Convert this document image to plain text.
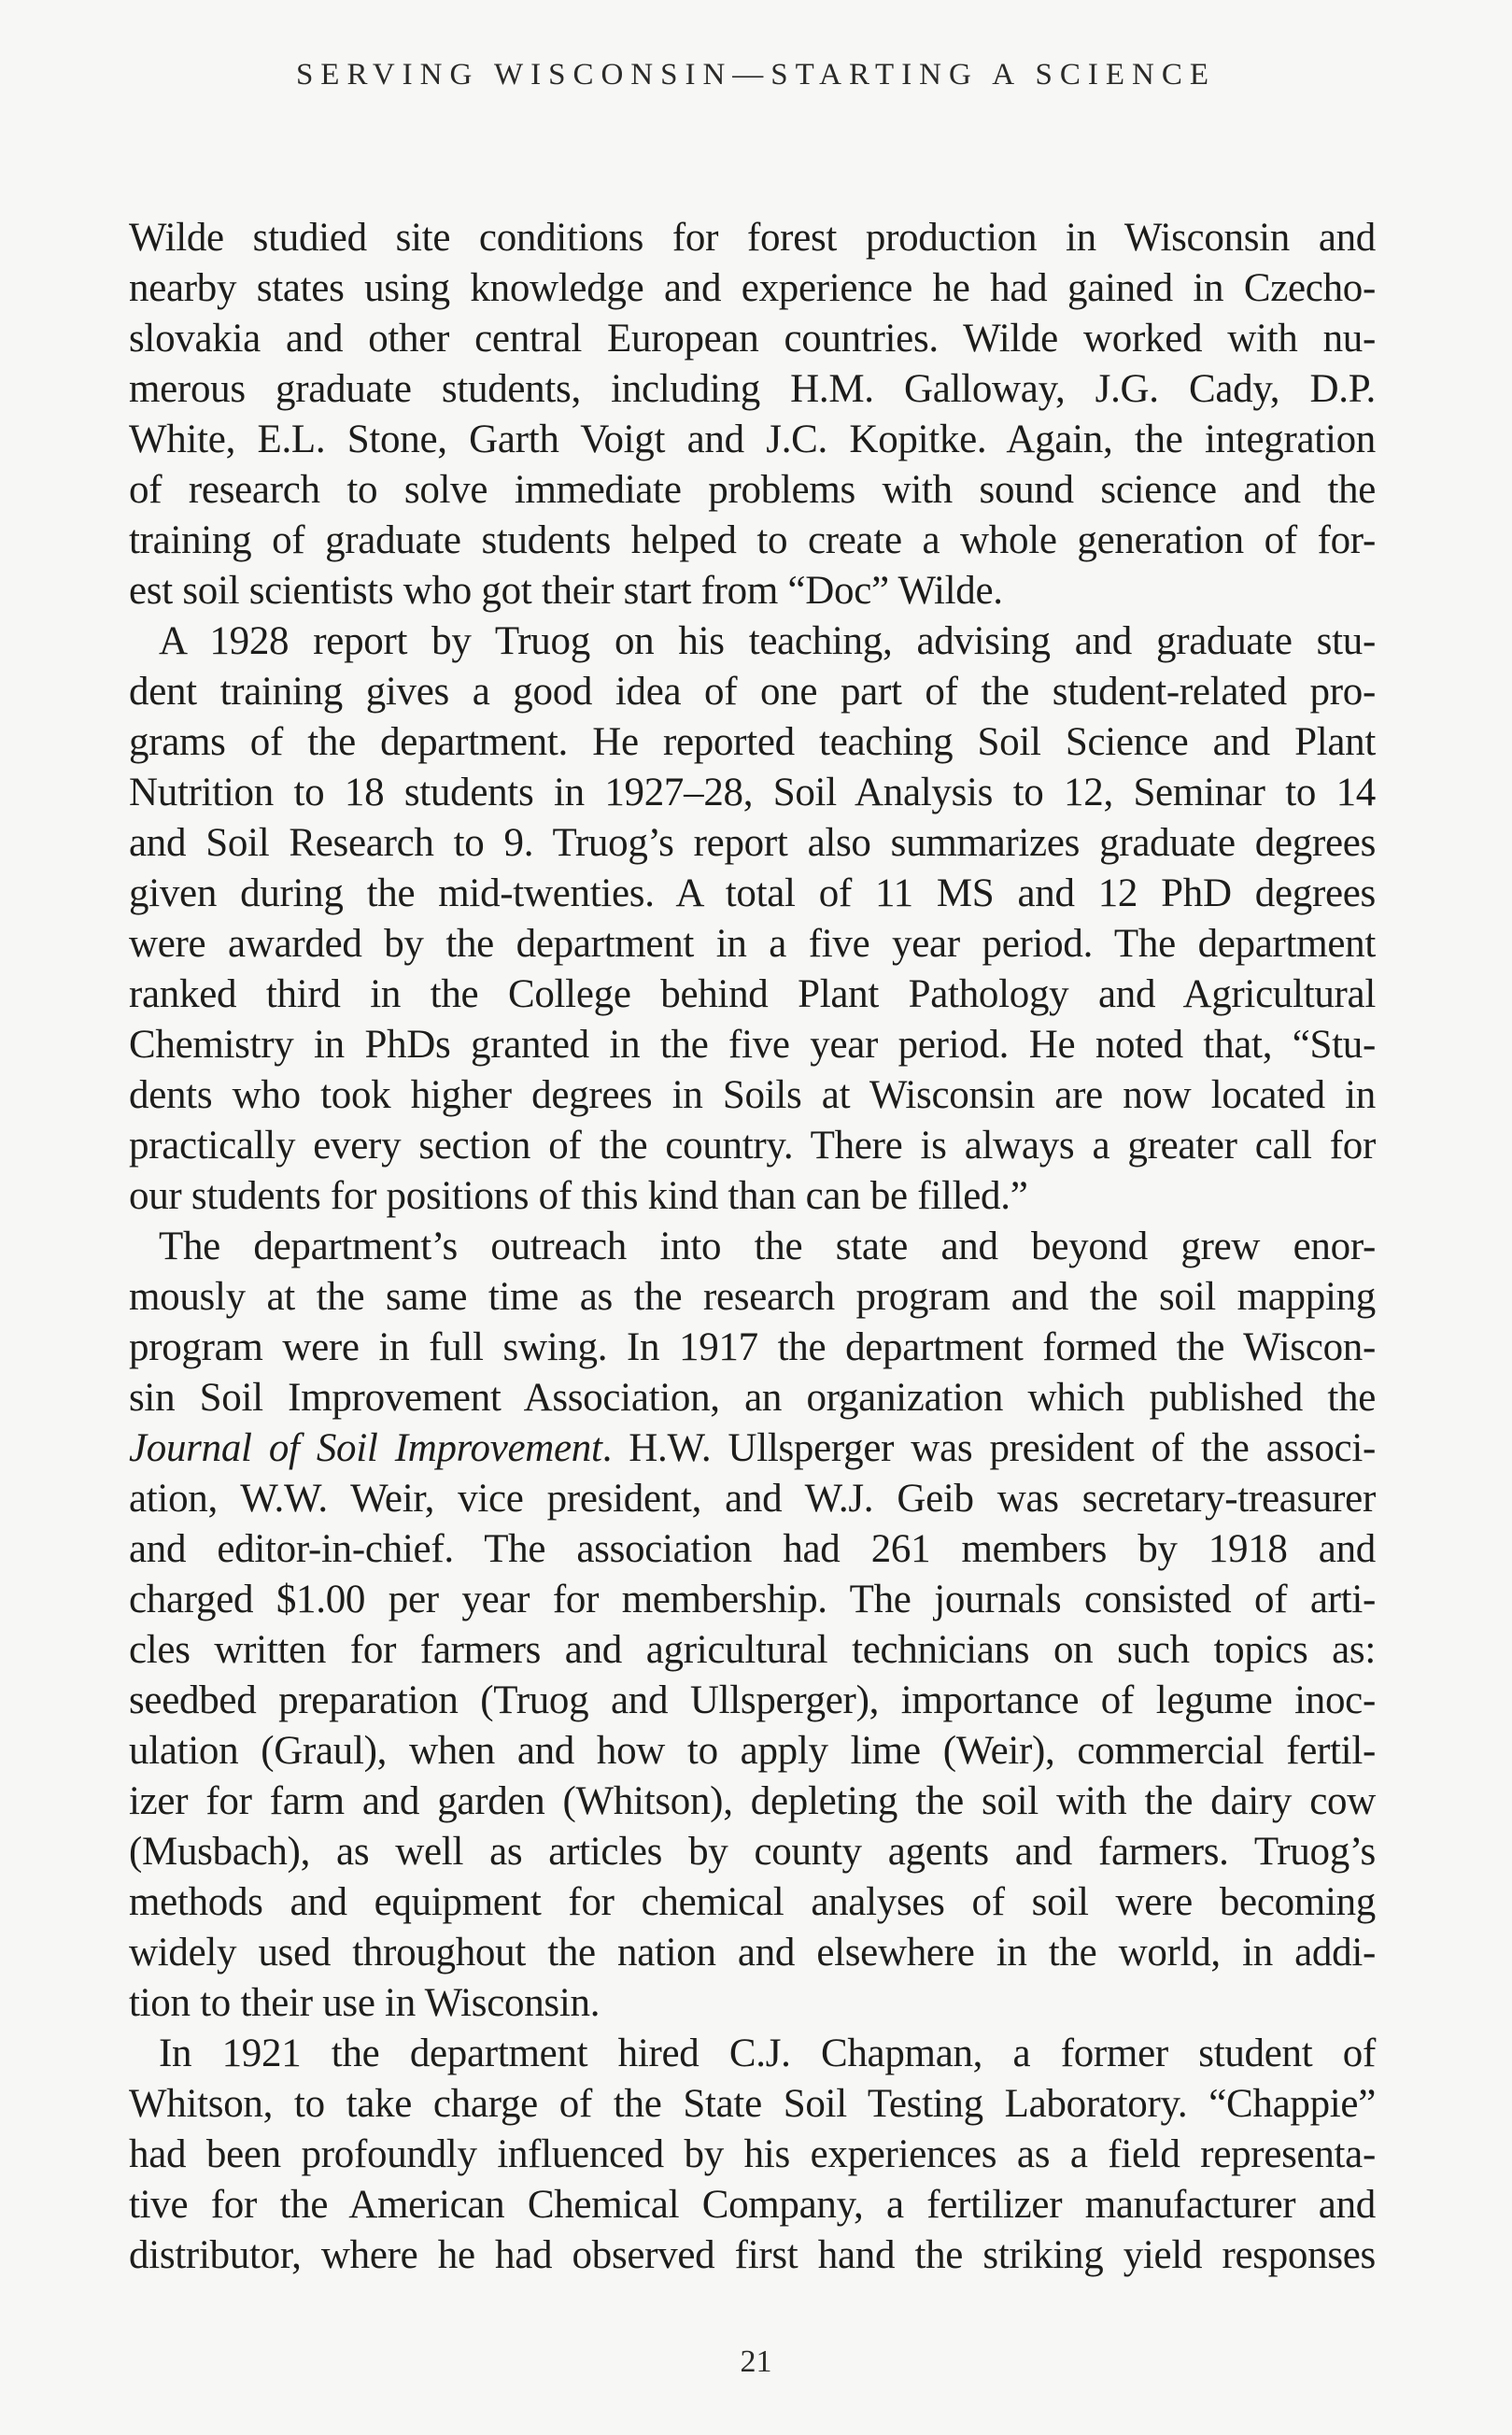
SERVING WISCONSIN—STARTING A SCIENCE

Wilde studied site conditions for forest production in Wisconsin and
nearby states using knowledge and experience he had gained in Czecho-
slovakia and other central European countries. Wilde worked with nu-
merous graduate students, including H.M. Galloway, J.G. Cady, D.P.
White, E.L. Stone, Garth Voigt and J.C. Kopitke. Again, the integration
of research to solve immediate problems with sound science and the
training of graduate students helped to create a whole generation of for-
est soil scientists who got their start from “Doc” Wilde.

A 1928 report by Truog on his teaching, advising and graduate stu-
dent training gives a good idea of one part of the student-related pro-
grams of the department. He reported teaching Soil Science and Plant
Nutrition to 18 students in 1927–28, Soil Analysis to 12, Seminar to 14
and Soil Research to 9. Truog’s report also summarizes graduate degrees
given during the mid-twenties. A total of 11 MS and 12 PhD degrees
were awarded by the department in a five year period. The department
ranked third in the College behind Plant Pathology and Agricultural
Chemistry in PhDs granted in the five year period. He noted that, “Stu-
dents who took higher degrees in Soils at Wisconsin are now located in
practically every section of the country. There is always a greater call for
our students for positions of this kind than can be filled.”

The department’s outreach into the state and beyond grew enor-
mously at the same time as the research program and the soil mapping
program were in full swing. In 1917 the department formed the Wiscon-
sin Soil Improvement Association, an organization which published the
Journal of Soil Improvement. H.W. Ullsperger was president of the associ-
ation, W.W. Weir, vice president, and W.J. Geib was secretary-treasurer
and editor-in-chief. The association had 261 members by 1918 and
charged $1.00 per year for membership. The journals consisted of arti-
cles written for farmers and agricultural technicians on such topics as:
seedbed preparation (Truog and Ullsperger), importance of legume inoc-
ulation (Graul), when and how to apply lime (Weir), commercial fertil-
izer for farm and garden (Whitson), depleting the soil with the dairy cow
(Musbach), as well as articles by county agents and farmers. Truog’s
methods and equipment for chemical analyses of soil were becoming
widely used throughout the nation and elsewhere in the world, in addi-
tion to their use in Wisconsin.

In 1921 the department hired C.J. Chapman, a former student of
Whitson, to take charge of the State Soil Testing Laboratory. “Chappie”
had been profoundly influenced by his experiences as a field representa-
tive for the American Chemical Company, a fertilizer manufacturer and
distributor, where he had observed first hand the striking yield responses

21
